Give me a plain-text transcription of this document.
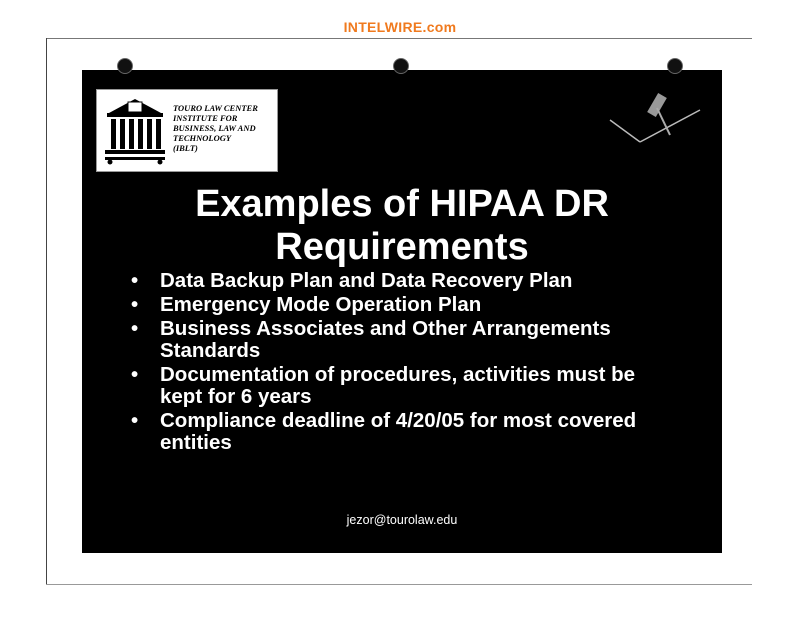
INTELWIRE.com
TOURO LAW CENTER
INSTITUTE FOR
BUSINESS, LAW AND
TECHNOLOGY
(IBLT)
Examples of HIPAA DR
Requirements
• Data Backup Plan and Data Recovery Plan
• Emergency Mode Operation Plan
• Business Associates and Other Arrangements
Standards
• Documentation of procedures, activities must be
kept for 6 years
• Compliance deadline of 4/20/05 for most covered
entities
jezor@tourolaw.edu
